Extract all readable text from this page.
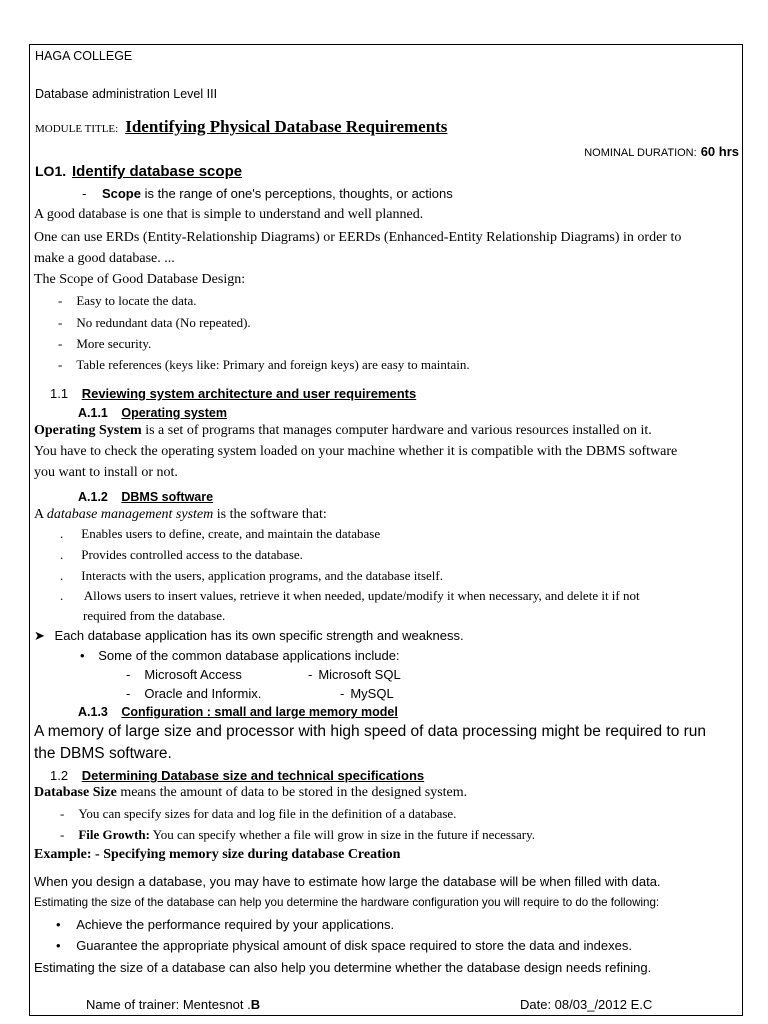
HAGA COLLEGE
Database administration Level III
MODULE TITLE: Identifying Physical Database Requirements
NOMINAL DURATION: 60 hrs
LO1. Identify database scope
- Scope is the range of one's perceptions, thoughts, or actions
A good database is one that is simple to understand and well planned.
One can use ERDs (Entity-Relationship Diagrams) or EERDs (Enhanced-Entity Relationship Diagrams) in order to
make a good database. ...
The Scope of Good Database Design:
- Easy to locate the data.
- No redundant data (No repeated).
- More security.
- Table references (keys like: Primary and foreign keys) are easy to maintain.
1.1 Reviewing system architecture and user requirements
A.1.1 Operating system
Operating System is a set of programs that manages computer hardware and various resources installed on it.
You have to check the operating system loaded on your machine whether it is compatible with the DBMS software
you want to install or not.
A.1.2 DBMS software
A database management system is the software that:
. Enables users to define, create, and maintain the database
. Provides controlled access to the database.
. Interacts with the users, application programs, and the database itself.
. Allows users to insert values, retrieve it when needed, update/modify it when necessary, and delete it if not
required from the database.
➤ Each database application has its own specific strength and weakness.
• Some of the common database applications include:
- Microsoft Access	- Microsoft SQL
- Oracle and Informix.	- MySQL
A.1.3 Configuration : small and large memory model
A memory of large size and processor with high speed of data processing might be required to run
the DBMS software.
1.2 Determining Database size and technical specifications
Database Size means the amount of data to be stored in the designed system.
- You can specify sizes for data and log file in the definition of a database.
- File Growth: You can specify whether a file will grow in size in the future if necessary.
Example: - Specifying memory size during database Creation
When you design a database, you may have to estimate how large the database will be when filled with data.
Estimating the size of the database can help you determine the hardware configuration you will require to do the following:
• Achieve the performance required by your applications.
• Guarantee the appropriate physical amount of disk space required to store the data and indexes.
Estimating the size of a database can also help you determine whether the database design needs refining.
Name of trainer: Mentesnot .B	Date: 08/03_/2012 E.C
